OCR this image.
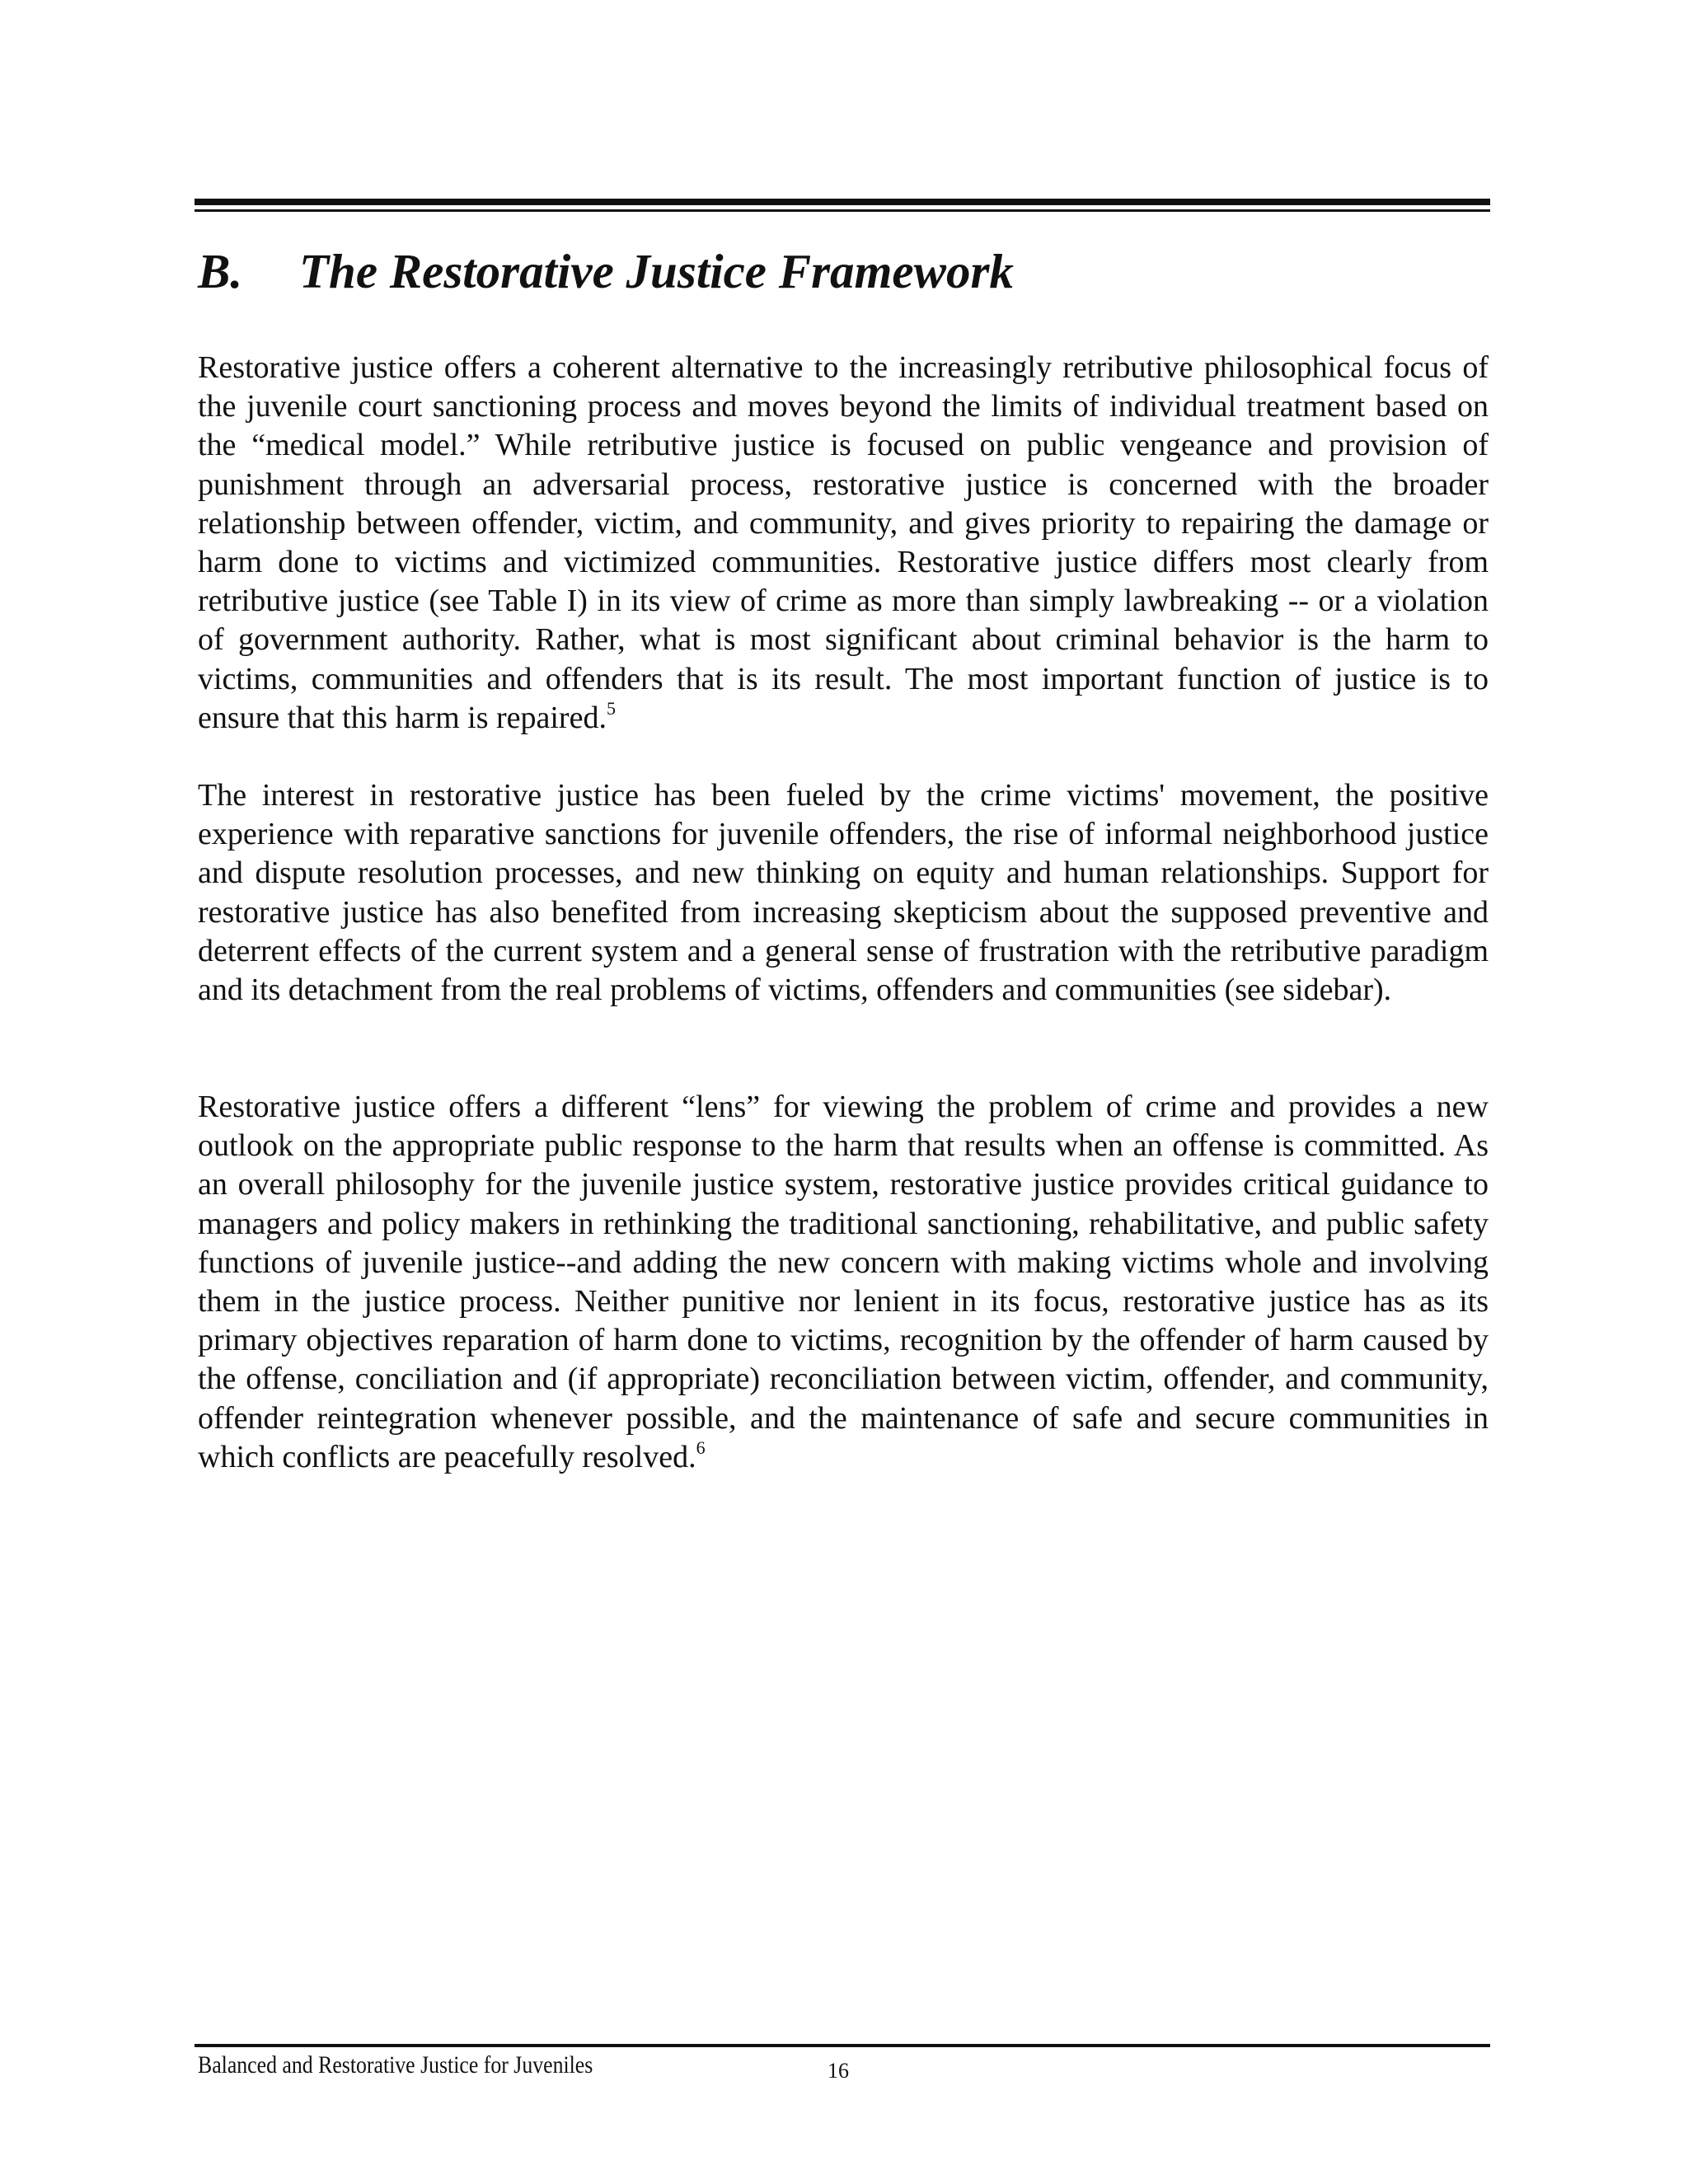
B. The Restorative Justice Framework

Restorative justice offers a coherent alternative to the increasingly retributive philosophical focus of the juvenile court sanctioning process and moves beyond the limits of individual treatment based on the “medical model.” While retributive justice is focused on public vengeance and provision of punishment through an adversarial process, restorative justice is concerned with the broader relationship between offender, victim, and community, and gives priority to repairing the damage or harm done to victims and victimized communities. Restorative justice differs most clearly from retributive justice (see Table I) in its view of crime as more than simply lawbreaking -- or a violation of government authority. Rather, what is most significant about criminal behavior is the harm to victims, communities and offenders that is its result. The most important function of justice is to ensure that this harm is repaired.$^5$

The interest in restorative justice has been fueled by the crime victims' movement, the positive experience with reparative sanctions for juvenile offenders, the rise of informal neighborhood justice and dispute resolution processes, and new thinking on equity and human relationships. Support for restorative justice has also benefited from increasing skepticism about the supposed preventive and deterrent effects of the current system and a general sense of frustration with the retributive paradigm and its detachment from the real problems of victims, offenders and communities (see sidebar).

Restorative justice offers a different “lens” for viewing the problem of crime and provides a new outlook on the appropriate public response to the harm that results when an offense is committed. As an overall philosophy for the juvenile justice system, restorative justice provides critical guidance to managers and policy makers in rethinking the traditional sanctioning, rehabilitative, and public safety functions of juvenile justice--and adding the new concern with making victims whole and involving them in the justice process. Neither punitive nor lenient in its focus, restorative justice has as its primary objectives reparation of harm done to victims, recognition by the offender of harm caused by the offense, conciliation and (if appropriate) reconciliation between victim, offender, and community, offender reintegration whenever possible, and the maintenance of safe and secure communities in which conflicts are peacefully resolved.$^6$

Balanced and Restorative Justice for Juveniles	16
